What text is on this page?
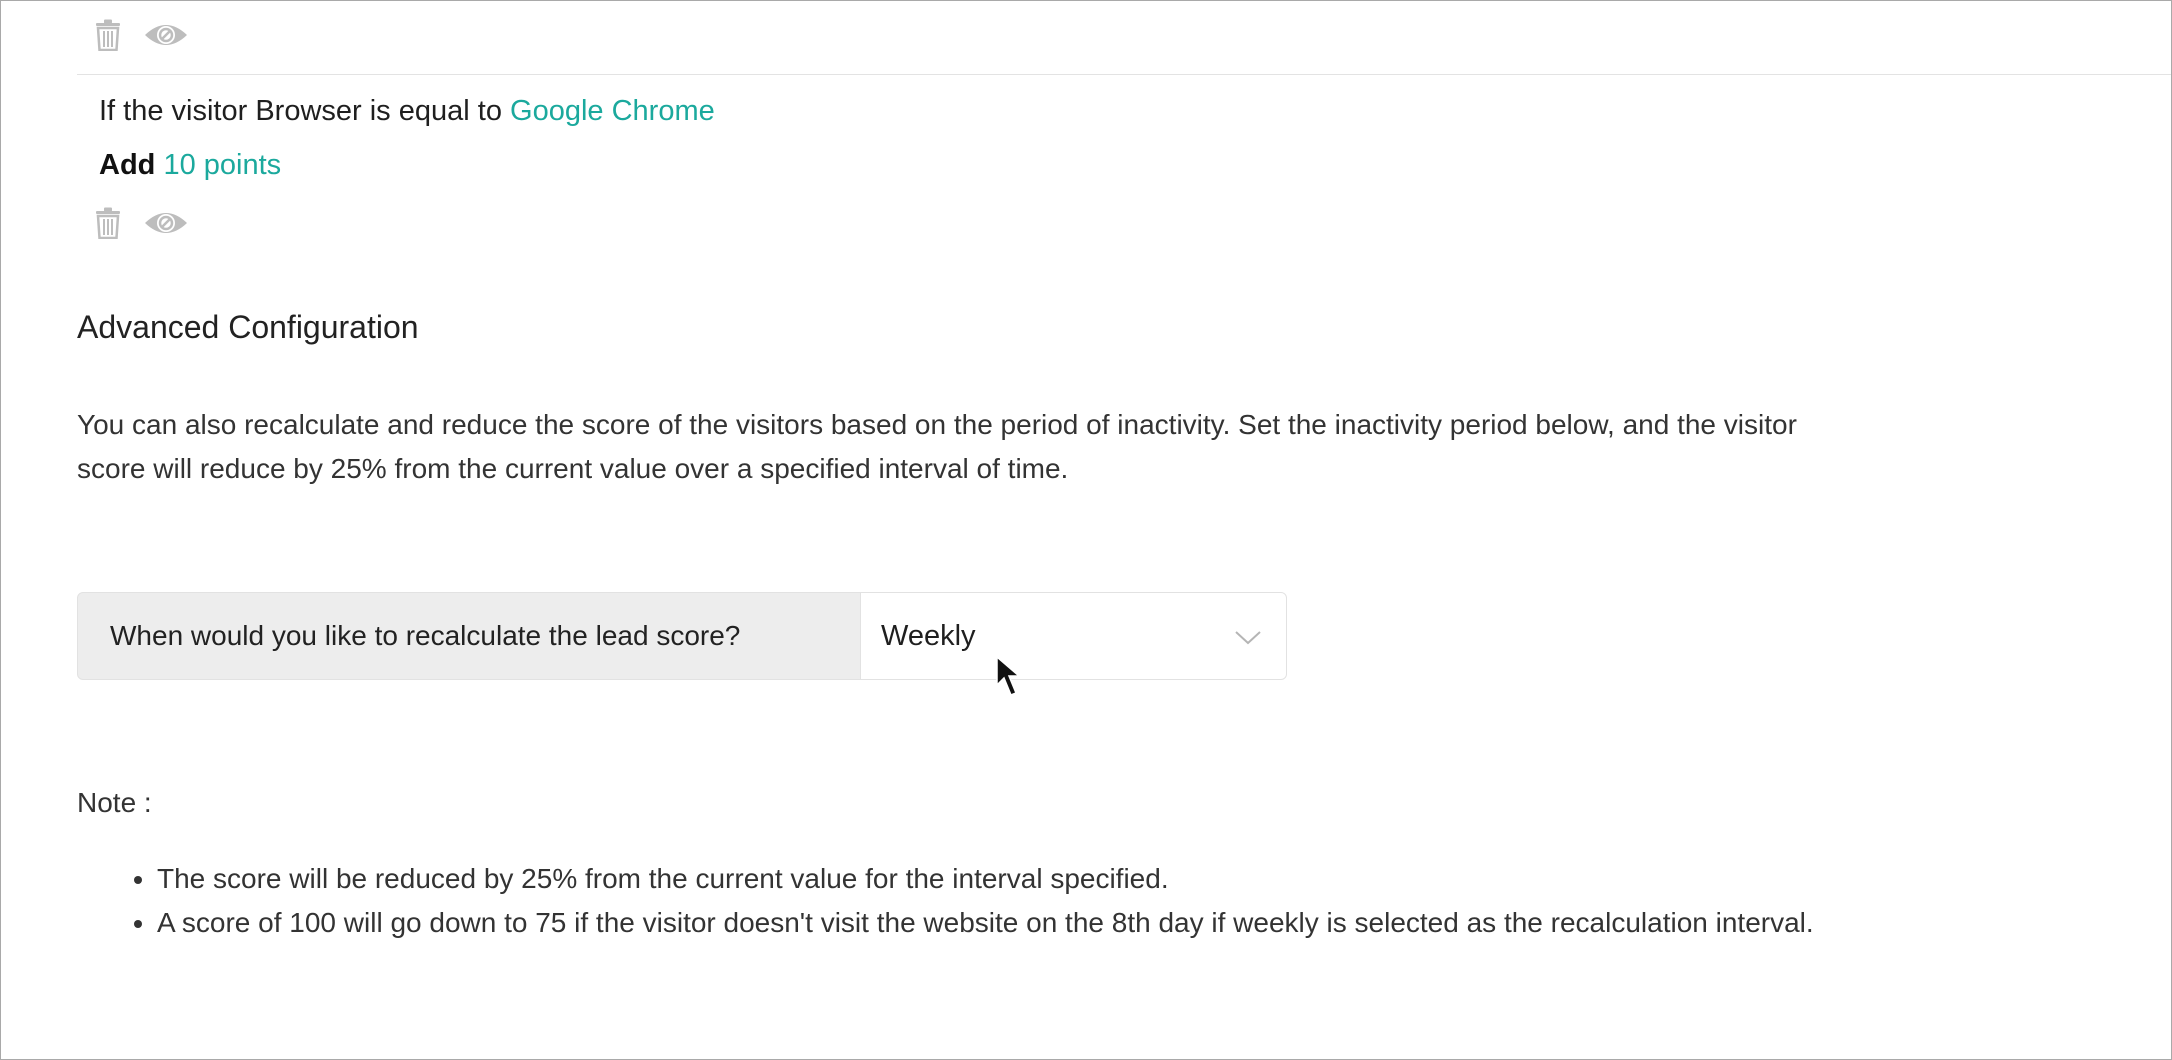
If the visitor Browser is equal to Google Chrome
Add 10 points
Advanced Configuration
You can also recalculate and reduce the score of the visitors based on the period of inactivity. Set the inactivity period below, and the visitor score will reduce by 25% from the current value over a specified interval of time.
When would you like to recalculate the lead score?	Weekly
Note :
• The score will be reduced by 25% from the current value for the interval specified.
• A score of 100 will go down to 75 if the visitor doesn't visit the website on the 8th day if weekly is selected as the recalculation interval.
